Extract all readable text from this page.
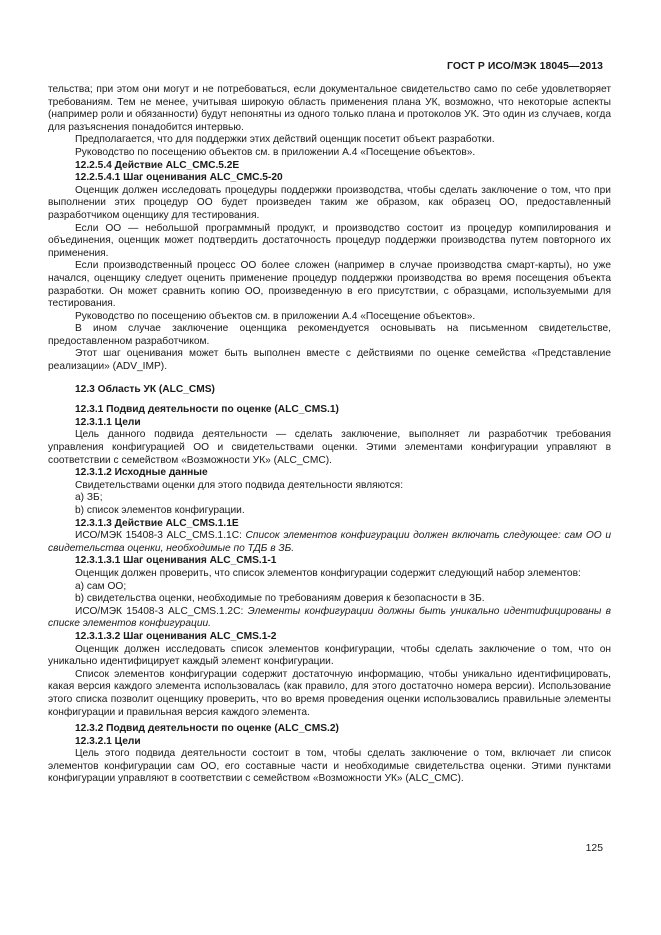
ГОСТ Р ИСО/МЭК 18045—2013

тельства; при этом они могут и не потребоваться, если документальное свидетельство само по себе удовлетворяет требованиям. Тем не менее, учитывая широкую область применения плана УК, возможно, что некоторые аспекты (например роли и обязанности) будут непонятны из одного только плана и протоколов УК. Это один из случаев, когда для разъяснения понадобится интервью.

Предполагается, что для поддержки этих действий оценщик посетит объект разработки.

Руководство по посещению объектов см. в приложении А.4 «Посещение объектов».

12.2.5.4 Действие ALC_CMC.5.2E

12.2.5.4.1 Шаг оценивания ALC_CMC.5-20

Оценщик должен исследовать процедуры поддержки производства, чтобы сделать заключение о том, что при выполнении этих процедур ОО будет произведен таким же образом, как образец ОО, предоставленный разработчиком оценщику для тестирования.

Если ОО — небольшой программный продукт, и производство состоит из процедур компилирования и объединения, оценщик может подтвердить достаточность процедур поддержки производства путем повторного их применения.

Если производственный процесс ОО более сложен (например в случае производства смарт-карты), но уже начался, оценщику следует оценить применение процедур поддержки производства во время посещения объекта разработки. Он может сравнить копию ОО, произведенную в его присутствии, с образцами, используемыми для тестирования.

Руководство по посещению объектов см. в приложении А.4 «Посещение объектов».

В ином случае заключение оценщика рекомендуется основывать на письменном свидетельстве, предоставленном разработчиком.

Этот шаг оценивания может быть выполнен вместе с действиями по оценке семейства «Представление реализации» (ADV_IMP).

12.3 Область УК (ALC_CMS)

12.3.1 Подвид деятельности по оценке (ALC_CMS.1)

12.3.1.1 Цели

Цель данного подвида деятельности — сделать заключение, выполняет ли разработчик требования управления конфигурацией ОО и свидетельствами оценки. Этими элементами конфигурации управляют в соответствии с семейством «Возможности УК» (ALC_CMC).

12.3.1.2 Исходные данные

Свидетельствами оценки для этого подвида деятельности являются:

а) ЗБ;

b) список элементов конфигурации.

12.3.1.3 Действие ALC_CMS.1.1E

ИСО/МЭК 15408-3 ALC_CMS.1.1C: Список элементов конфигурации должен включать следующее: сам ОО и свидетельства оценки, необходимые по ТДБ в ЗБ.

12.3.1.3.1 Шаг оценивания ALC_CMS.1-1

Оценщик должен проверить, что список элементов конфигурации содержит следующий набор элементов:

а) сам ОО;

b) свидетельства оценки, необходимые по требованиям доверия к безопасности в ЗБ.

ИСО/МЭК 15408-3 ALC_CMS.1.2C: Элементы конфигурации должны быть уникально идентифицированы в списке элементов конфигурации.

12.3.1.3.2 Шаг оценивания ALC_CMS.1-2

Оценщик должен исследовать список элементов конфигурации, чтобы сделать заключение о том, что он уникально идентифицирует каждый элемент конфигурации.

Список элементов конфигурации содержит достаточную информацию, чтобы уникально идентифицировать, какая версия каждого элемента использовалась (как правило, для этого достаточно номера версии). Использование этого списка позволит оценщику проверить, что во время проведения оценки использовались правильные элементы конфигурации и правильная версия каждого элемента.

12.3.2 Подвид деятельности по оценке (ALC_CMS.2)

12.3.2.1 Цели

Цель этого подвида деятельности состоит в том, чтобы сделать заключение о том, включает ли список элементов конфигурации сам ОО, его составные части и необходимые свидетельства оценки. Этими пунктами конфигурации управляют в соответствии с семейством «Возможности УК» (ALC_CMC).

125
